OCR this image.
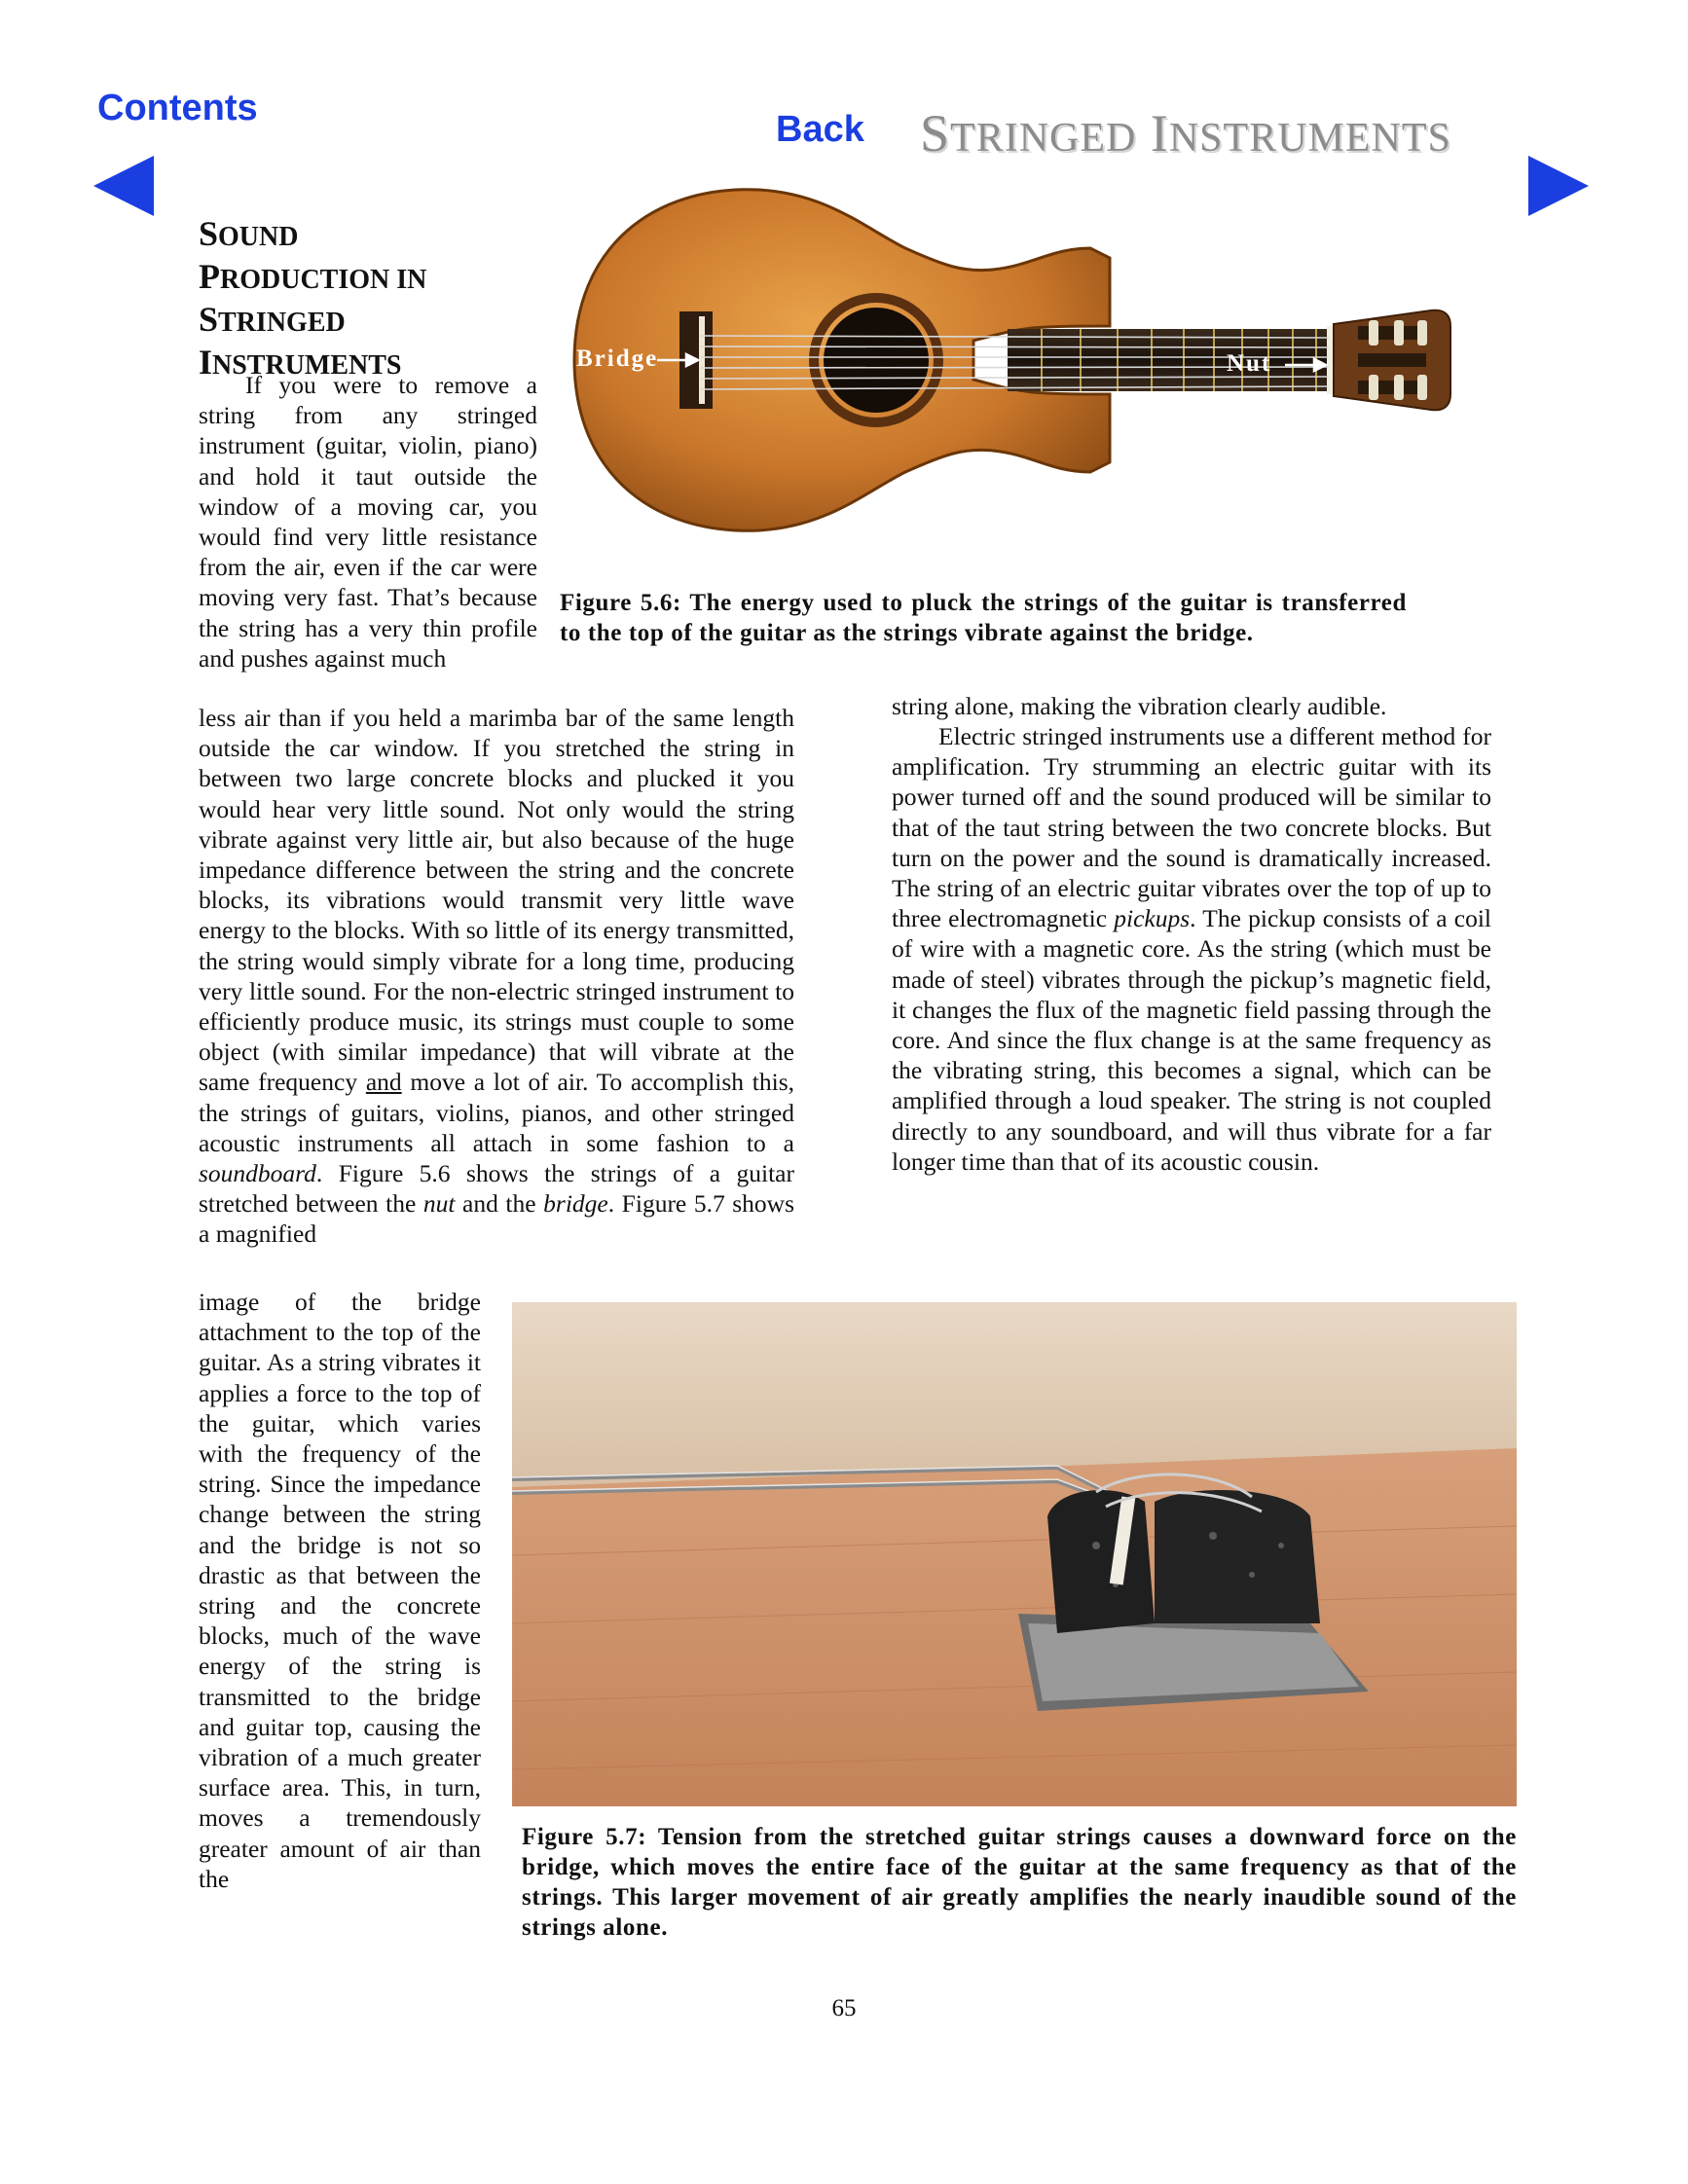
Contents
Back STRINGED INSTRUMENTS
SOUND
PRODUCTION IN
STRINGED
INSTRUMENTS	Bridge	Nut
Figure 5.6: The energy used to pluck the strings of the guitar is transferred to the top of the guitar as the strings vibrate against the bridge.

If you were to remove a string from any stringed instrument (guitar, violin, piano) and hold it taut outside the window of a moving car, you would find very little resistance from the air, even if the car were moving very fast. That’s because the string has a very thin profile and pushes against much

less air than if you held a marimba bar of the same length outside the car window. If you stretched the string in between two large concrete blocks and plucked it you would hear very little sound. Not only would the string vibrate against very little air, but also because of the huge impedance difference between the string and the concrete blocks, its vibrations would transmit very little wave energy to the blocks. With so little of its energy transmitted, the string would simply vibrate for a long time, producing very little sound. For the non-electric stringed instrument to efficiently produce music, its strings must couple to some object (with similar impedance) that will vibrate at the same frequency and move a lot of air. To accomplish this, the strings of guitars, violins, pianos, and other stringed acoustic instruments all attach in some fashion to a soundboard. Figure 5.6 shows the strings of a guitar stretched between the nut and the bridge. Figure 5.7 shows a magnified

image of the bridge attachment to the top of the guitar. As a string vibrates it applies a force to the top of the guitar, which varies with the frequency of the string. Since the impedance change between the string and the bridge is not so drastic as that between the string and the concrete blocks, much of the wave energy of the string is transmitted to the bridge and guitar top, causing the vibration of a much greater surface area. This, in turn, moves a tremendously greater amount of air than the

string alone, making the vibration clearly audible.

Electric stringed instruments use a different method for amplification. Try strumming an electric guitar with its power turned off and the sound produced will be similar to that of the taut string between the two concrete blocks. But turn on the power and the sound is dramatically increased. The string of an electric guitar vibrates over the top of up to three electromagnetic pickups. The pickup consists of a coil of wire with a magnetic core. As the string (which must be made of steel) vibrates through the pickup’s magnetic field, it changes the flux of the magnetic field passing through the core. And since the flux change is at the same frequency as the vibrating string, this becomes a signal, which can be amplified through a loud speaker. The string is not coupled directly to any soundboard, and will thus vibrate for a far longer time than that of its acoustic cousin.

Figure 5.7: Tension from the stretched guitar strings causes a downward force on the bridge, which moves the entire face of the guitar at the same frequency as that of the strings. This larger movement of air greatly amplifies the nearly inaudible sound of the strings alone.
65
